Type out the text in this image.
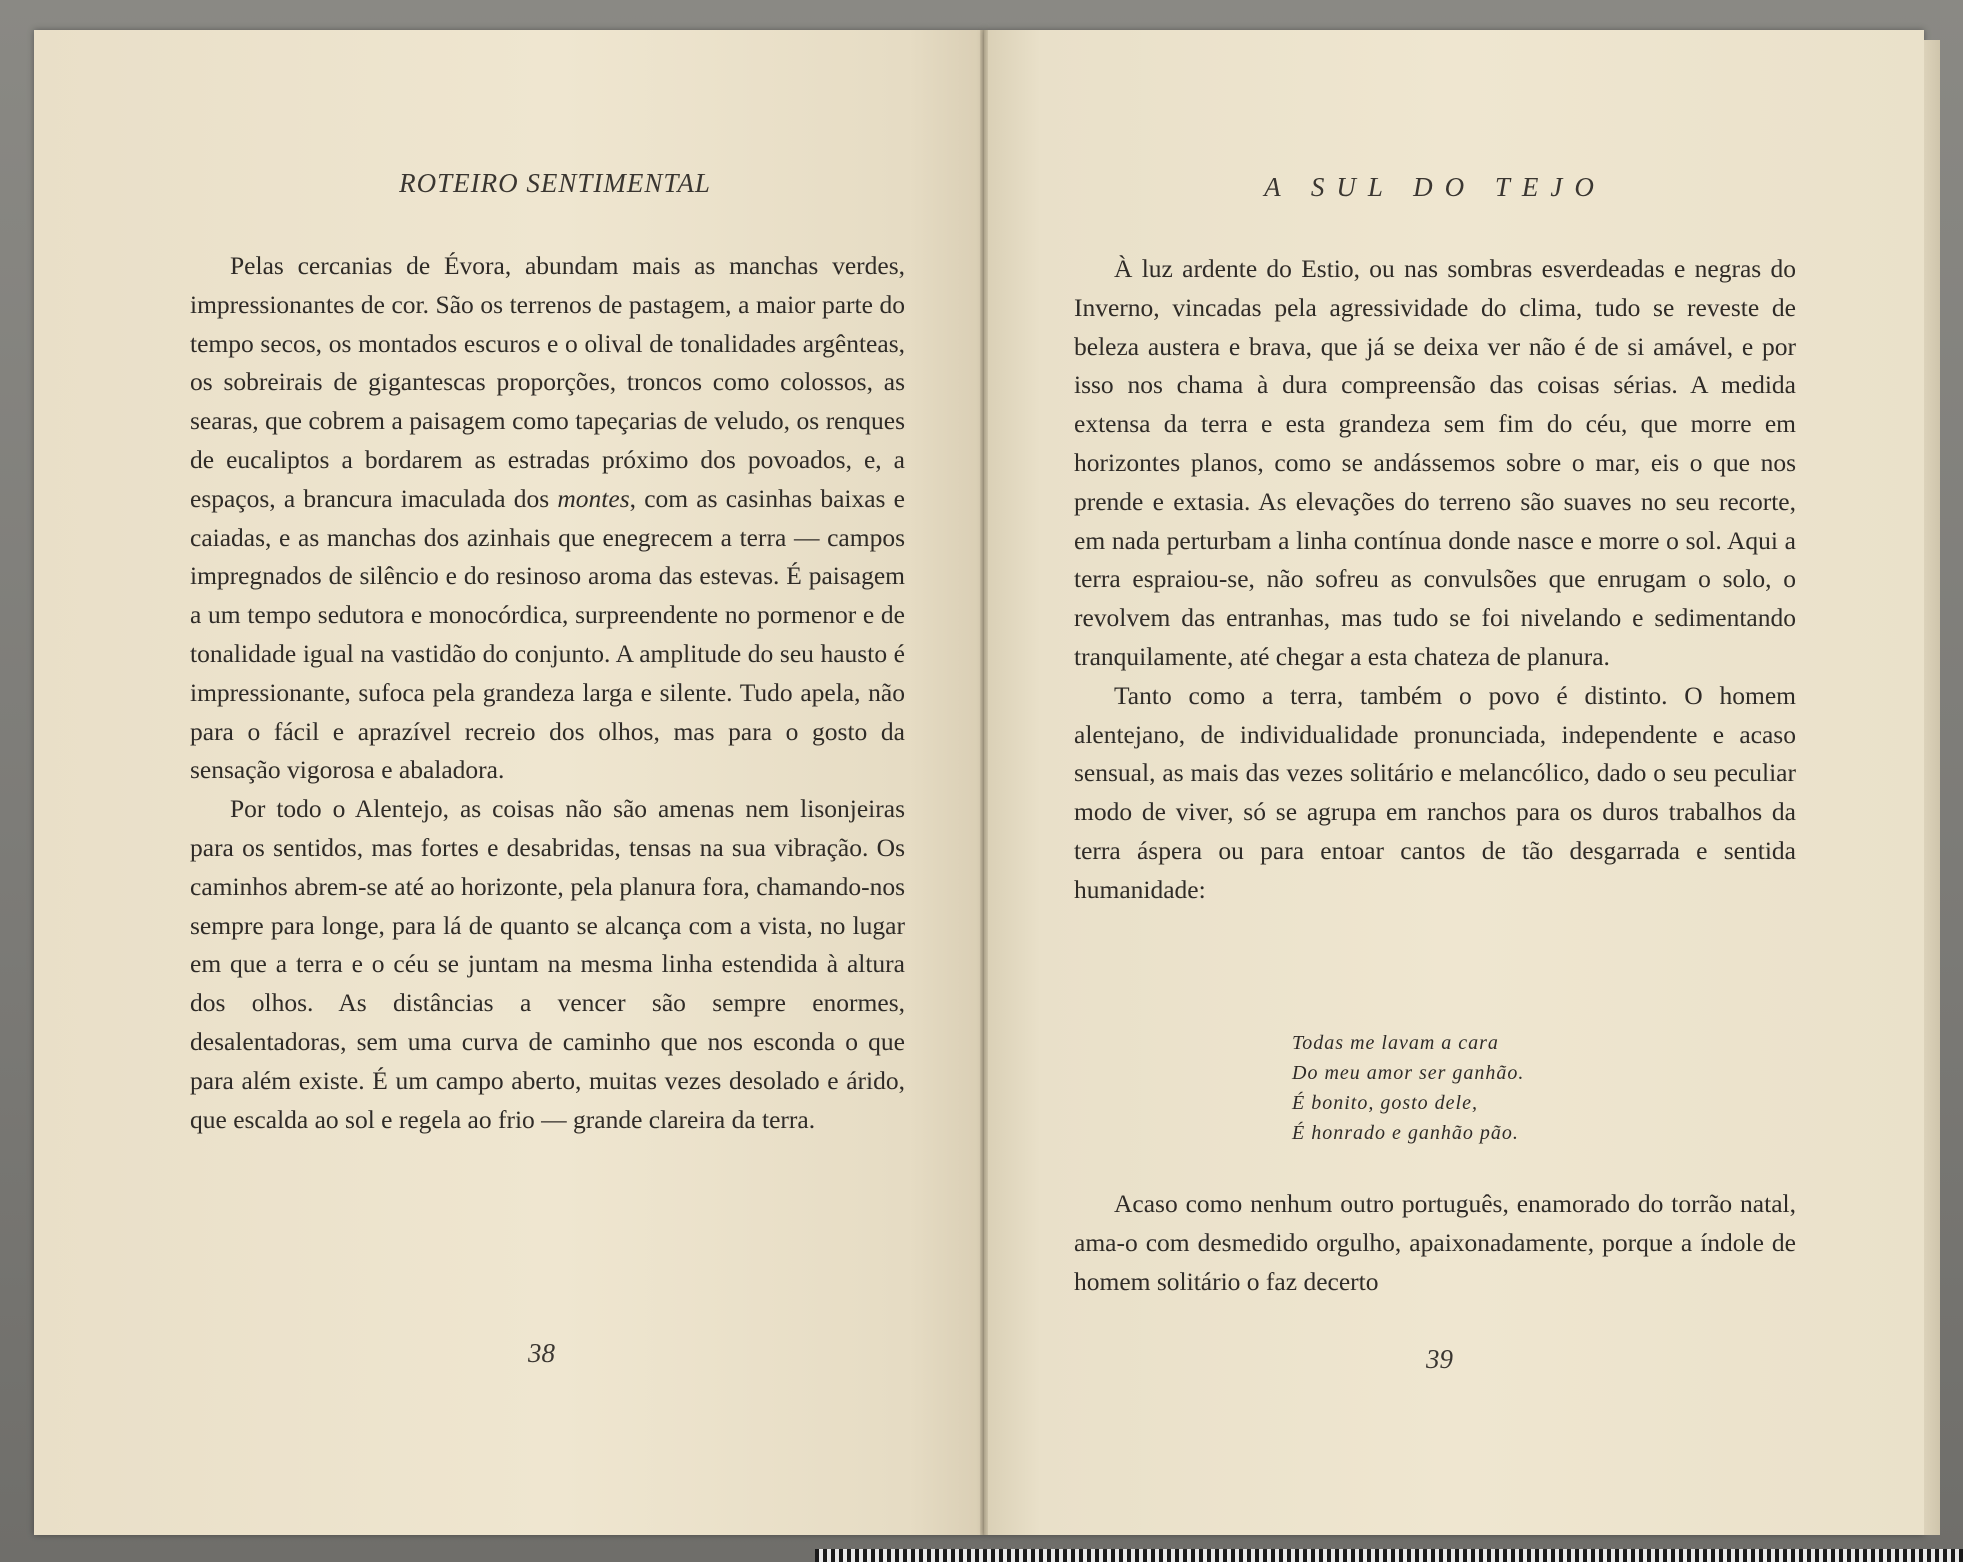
ROTEIRO SENTIMENTAL

Pelas cercanias de Évora, abundam mais as manchas verdes, impressionantes de cor. São os terrenos de pastagem, a maior parte do tempo secos, os montados escuros e o olival de tonalidades argênteas, os sobreirais de gigantescas proporções, troncos como colossos, as searas, que cobrem a paisagem como tapeçarias de veludo, os renques de eucaliptos a bordarem as estradas próximo dos povoados, e, a espaços, a brancura imaculada dos montes, com as casinhas baixas e caiadas, e as manchas dos azinhais que enegrecem a terra — campos impregnados de silêncio e do resinoso aroma das estevas. É paisagem a um tempo sedutora e monocórdica, surpreendente no pormenor e de tonalidade igual na vastidão do conjunto. A amplitude do seu hausto é impressionante, sufoca pela grandeza larga e silente. Tudo apela, não para o fácil e aprazível recreio dos olhos, mas para o gosto da sensação vigorosa e abaladora.

Por todo o Alentejo, as coisas não são amenas nem lisonjeiras para os sentidos, mas fortes e desabridas, tensas na sua vibração. Os caminhos abrem-se até ao horizonte, pela planura fora, chamando-nos sempre para longe, para lá de quanto se alcança com a vista, no lugar em que a terra e o céu se juntam na mesma linha estendida à altura dos olhos. As distâncias a vencer são sempre enormes, desalentadoras, sem uma curva de caminho que nos esconda o que para além existe. É um campo aberto, muitas vezes desolado e árido, que escalda ao sol e regela ao frio — grande clareira da terra.

38
A SUL DO TEJO

À luz ardente do Estio, ou nas sombras esverdeadas e negras do Inverno, vincadas pela agressividade do clima, tudo se reveste de beleza austera e brava, que já se deixa ver não é de si amável, e por isso nos chama à dura compreensão das coisas sérias. A medida extensa da terra e esta grandeza sem fim do céu, que morre em horizontes planos, como se andássemos sobre o mar, eis o que nos prende e extasia. As elevações do terreno são suaves no seu recorte, em nada perturbam a linha contínua donde nasce e morre o sol. Aqui a terra espraiou-se, não sofreu as convulsões que enrugam o solo, o revolvem das entranhas, mas tudo se foi nivelando e sedimentando tranquilamente, até chegar a esta chateza de planura.

Tanto como a terra, também o povo é distinto. O homem alentejano, de individualidade pronunciada, independente e acaso sensual, as mais das vezes solitário e melancólico, dado o seu peculiar modo de viver, só se agrupa em ranchos para os duros trabalhos da terra áspera ou para entoar cantos de tão desgarrada e sentida humanidade:

Todas me lavam a cara
Do meu amor ser ganhão.
É bonito, gosto dele,
É honrado e ganhão pão.

Acaso como nenhum outro português, enamorado do torrão natal, ama-o com desmedido orgulho, apaixonadamente, porque a índole de homem solitário o faz decerto

39
